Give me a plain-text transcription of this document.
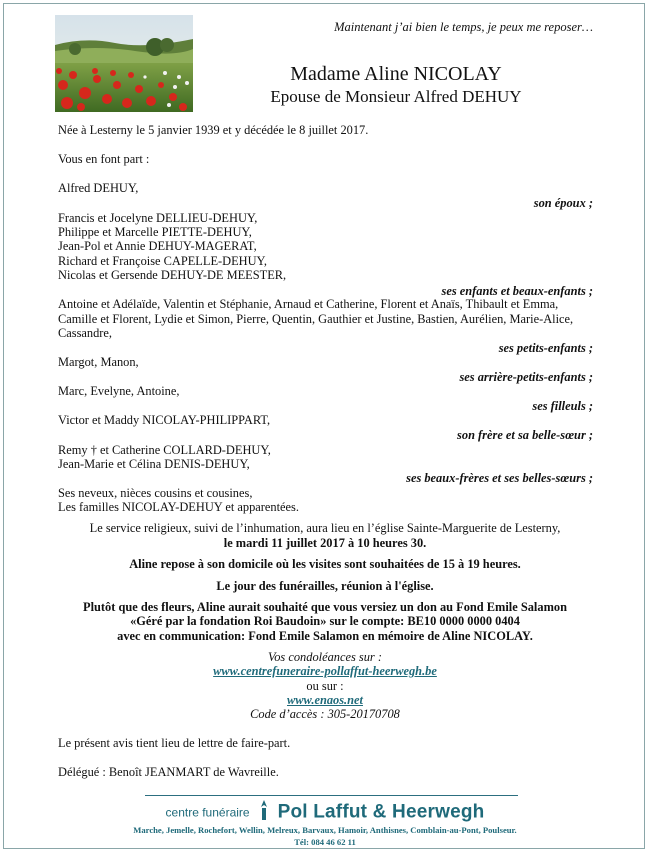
Maintenant j’ai bien le temps, je peux me reposer…
Madame Aline NICOLAY
Epouse de Monsieur Alfred DEHUY
Née à Lesterny le 5 janvier 1939 et y décédée le 8 juillet 2017.
Vous en font part :
Alfred DEHUY,
son époux ;
Francis et Jocelyne DELLIEU-DEHUY,
Philippe et Marcelle PIETTE-DEHUY,
Jean-Pol et Annie DEHUY-MAGERAT,
Richard et Françoise CAPELLE-DEHUY,
Nicolas et Gersende DEHUY-DE MEESTER,
ses enfants et beaux-enfants ;
Antoine et Adélaïde, Valentin et Stéphanie, Arnaud et Catherine, Florent et Anaïs, Thibault et Emma,
Camille et Florent, Lydie et Simon, Pierre, Quentin, Gauthier et Justine, Bastien, Aurélien, Marie-Alice,
Cassandre,
ses petits-enfants ;
Margot, Manon,
ses arrière-petits-enfants ;
Marc, Evelyne, Antoine,
ses filleuls ;
Victor et Maddy NICOLAY-PHILIPPART,
son frère et sa belle-sœur ;
Remy † et Catherine COLLARD-DEHUY,
Jean-Marie et Célina DENIS-DEHUY,
ses beaux-frères et ses belles-sœurs ;
Ses neveux, nièces cousins et cousines,
Les familles NICOLAY-DEHUY et apparentées.
Le service religieux, suivi de l’inhumation, aura lieu en l’église Sainte-Marguerite de Lesterny,
le mardi 11 juillet 2017 à 10 heures 30.
Aline repose à son domicile où les visites sont souhaitées de 15 à 19 heures.
Le jour des funérailles, réunion à l'église.
Plutôt que des fleurs, Aline aurait souhaité que vous versiez un don au Fond Emile Salamon
«Géré par la fondation Roi Baudoin» sur le compte: BE10 0000 0000 0404
avec en communication: Fond Emile Salamon en mémoire de Aline NICOLAY.
Vos condoléances sur :
www.centrefuneraire-pollaffut-heerwegh.be
ou sur :
www.enaos.net
Code d’accès : 305-20170708
Le présent avis tient lieu de lettre de faire-part.
Délégué : Benoît JEANMART de Wavreille.
centre funéraire Pol Laffut & Heerwegh
Marche, Jemelle, Rochefort, Wellin, Melreux, Barvaux, Hamoir, Anthisnes, Comblain-au-Pont, Poulseur.
Tél: 084 46 62 11
